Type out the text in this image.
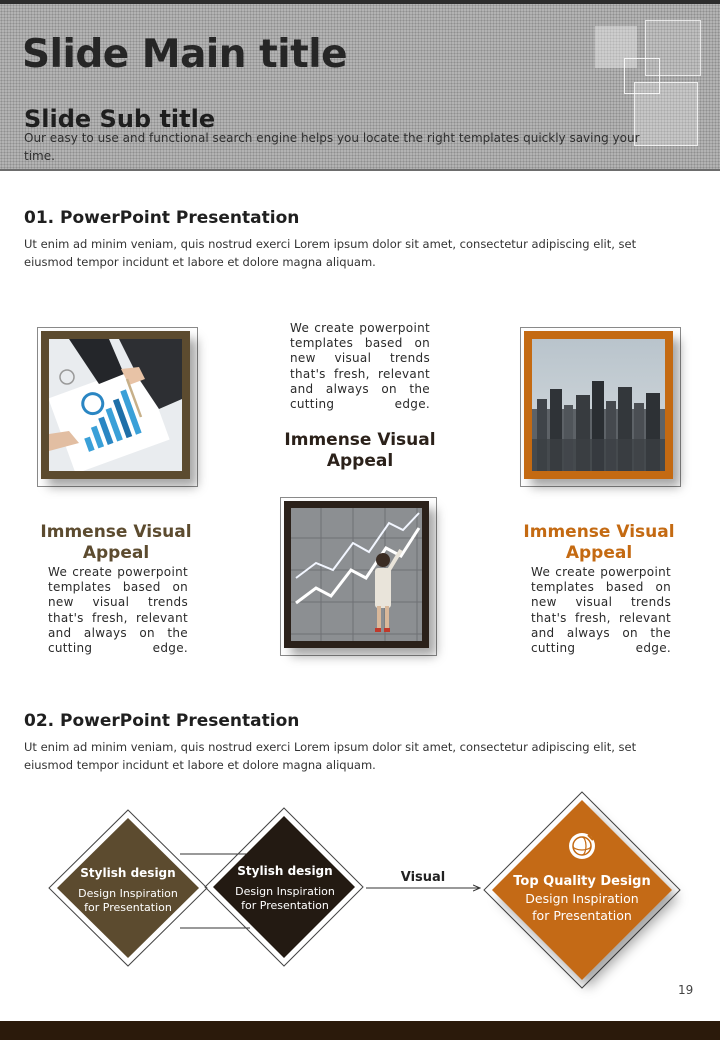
Slide Main title
Slide Sub title
Our easy to use and functional search engine helps you locate the right templates quickly saving your time.
01. PowerPoint Presentation
Ut enim ad minim veniam, quis nostrud exerci Lorem ipsum dolor sit amet, consectetur adipiscing elit, set eiusmod tempor incidunt et labore et dolore magna aliquam.
Immense Visual Appeal
We create powerpoint templates based on new visual trends that's fresh, relevant and always on the cutting edge.
We create powerpoint templates based on new visual trends that's fresh, relevant and always on the cutting edge.
Immense Visual Appeal
Immense Visual Appeal
We create powerpoint templates based on new visual trends that's fresh, relevant and always on the cutting edge.
02. PowerPoint Presentation
Ut enim ad minim veniam, quis nostrud exerci Lorem ipsum dolor sit amet, consectetur adipiscing elit, set eiusmod tempor incidunt et labore et dolore magna aliquam.
Stylish design
Design Inspiration
for Presentation
Stylish design
Design Inspiration
for Presentation
Visual	Top Quality Design
Design Inspiration
for Presentation
19
